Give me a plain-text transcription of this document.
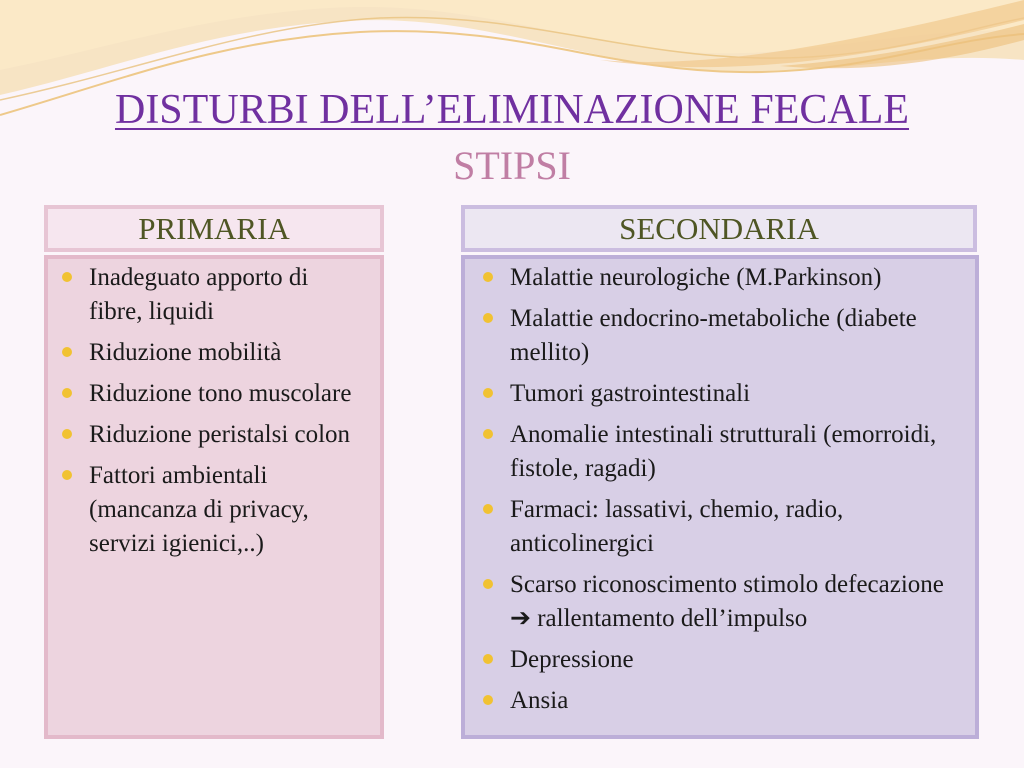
DISTURBI DELL’ELIMINAZIONE FECALE
STIPSI
PRIMARIA	SECONDARIA
Inadeguato apporto di fibre, liquidi
Riduzione mobilità
Riduzione tono muscolare
Riduzione peristalsi colon
Fattori ambientali (mancanza di privacy, servizi igienici,..)
Malattie neurologiche (M.Parkinson)
Malattie endocrino-metaboliche (diabete mellito)
Tumori gastrointestinali
Anomalie intestinali strutturali (emorroidi, fistole, ragadi)
Farmaci: lassativi, chemio, radio, anticolinergici
Scarso riconoscimento stimolo defecazione ➔ rallentamento dell’impulso
Depressione
Ansia
